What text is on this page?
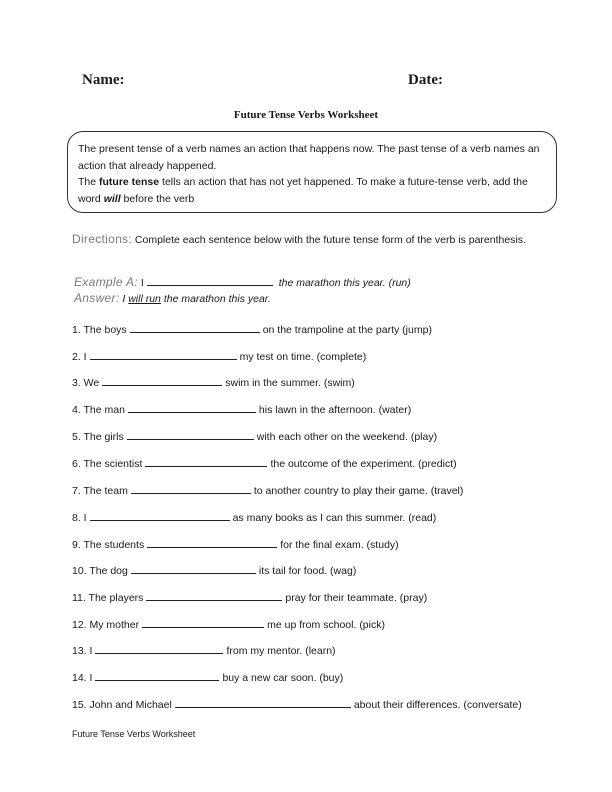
Name:	Date:
Future Tense Verbs Worksheet

The present tense of a verb names an action that happens now. The past tense of a verb names an action that already happened.

The future tense tells an action that has not yet happened. To make a future-tense verb, add the word will before the verb

Directions: Complete each sentence below with the future tense form of the verb is parenthesis.
Example A: I	the marathon this year. (run)
Answer: I will run the marathon this year.
1. The boys	on the trampoline at the party (jump)
2. I	my test on time. (complete)
3. We	swim in the summer. (swim)
4. The man	his lawn in the afternoon. (water)
5. The girls	with each other on the weekend. (play)
6. The scientist	the outcome of the experiment. (predict)
7. The team	to another country to play their game. (travel)
8. I	as many books as I can this summer. (read)
9. The students	for the final exam. (study)
10. The dog	its tail for food. (wag)
11. The players	pray for their teammate. (pray)
12. My mother	me up from school. (pick)
13. I	from my mentor. (learn)
14. I	buy a new car soon. (buy)
15. John and Michael	about their differences. (conversate)
Future Tense Verbs Worksheet
